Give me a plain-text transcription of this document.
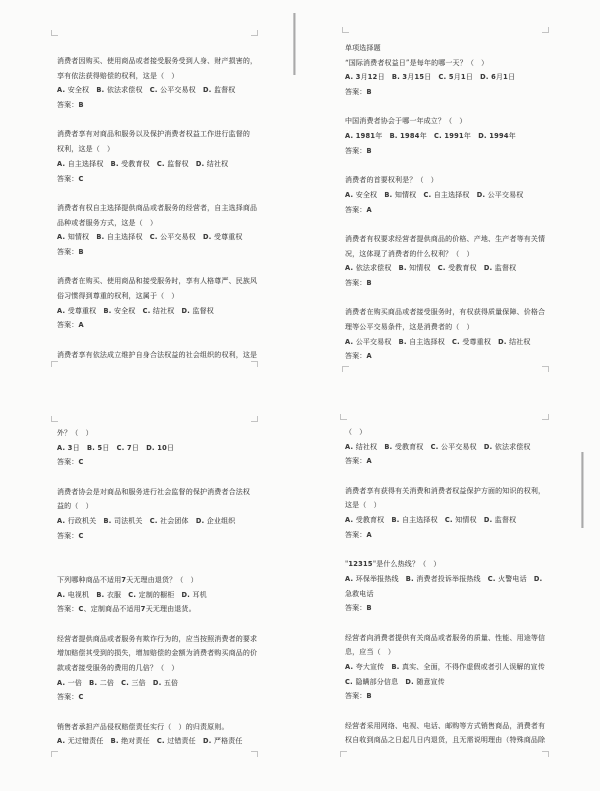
消费者因购买、使用商品或者接受服务受到人身、财产损害的，
享有依法获得赔偿的权利，这是（　）
A. 安全权　B. 依法求偿权　C. 公平交易权　D. 监督权
答案：B
消费者享有对商品和服务以及保护消费者权益工作进行监督的
权利，这是（　）
A. 自主选择权　B. 受教育权　C. 监督权　D. 结社权
答案：C
消费者有权自主选择提供商品或者服务的经营者，自主选择商品
品种或者服务方式，这是（　）
A. 知情权　B. 自主选择权　C. 公平交易权　D. 受尊重权
答案：B
消费者在购买、使用商品和接受服务时，享有人格尊严、民族风
俗习惯得到尊重的权利，这属于（　）
A. 受尊重权　B. 安全权　C. 结社权　D. 监督权
答案：A
消费者享有依法成立维护自身合法权益的社会组织的权利，这是
单项选择题
“国际消费者权益日”是每年的哪一天？（　）
A. 3月12日　B. 3月15日　C. 5月1日　D. 6月1日
答案：B
中国消费者协会于哪一年成立？（　）
A. 1981年　B. 1984年　C. 1991年　D. 1994年
答案：B
消费者的首要权利是？（　）
A. 安全权　B. 知情权　C. 自主选择权　D. 公平交易权
答案：A
消费者有权要求经营者提供商品的价格、产地、生产者等有关情
况，这体现了消费者的什么权利？（　）
A. 依法求偿权　B. 知情权　C. 受教育权　D. 监督权
答案：B
消费者在购买商品或者接受服务时，有权获得质量保障、价格合
理等公平交易条件，这是消费者的（　）
A. 公平交易权　B. 自主选择权　C. 受尊重权　D. 结社权
答案：A
外？（　）
A. 3日　B. 5日　C. 7日　D. 10日
答案：C
消费者协会是对商品和服务进行社会监督的保护消费者合法权
益的（　）
A. 行政机关　B. 司法机关　C. 社会团体　D. 企业组织
答案：C
下列哪种商品不适用7天无理由退货？（　）
A. 电视机　B. 衣服　C. 定制的橱柜　D. 耳机
答案：C、定制商品不适用7天无理由退货。
经营者提供商品或者服务有欺诈行为的，应当按照消费者的要求
增加赔偿其受到的损失，增加赔偿的金额为消费者购买商品的价
款或者接受服务的费用的几倍？（　）
A. 一倍　B. 二倍　C. 三倍　D. 五倍
答案：C
销售者承担产品侵权赔偿责任实行（　）的归责原则。
A. 无过错责任　B. 绝对责任　C. 过错责任　D. 严格责任
（　）
A. 结社权　B. 受教育权　C. 公平交易权　D. 依法求偿权
答案：A
消费者享有获得有关消费和消费者权益保护方面的知识的权利，
这是（　）
A. 受教育权　B. 自主选择权　C. 知情权　D. 监督权
答案：A
"12315"是什么热线？（　）
A. 环保举报热线　B. 消费者投诉举报热线　C. 火警电话　D.
急救电话
答案：B
经营者向消费者提供有关商品或者服务的质量、性能、用途等信
息，应当（　）
A. 夸大宣传　B. 真实、全面，不得作虚假或者引人误解的宣传
C. 隐瞒部分信息　D. 随意宣传
答案：B
经营者采用网络、电视、电话、邮购等方式销售商品，消费者有
权自收到商品之日起几日内退货，且无需说明理由（特殊商品除
